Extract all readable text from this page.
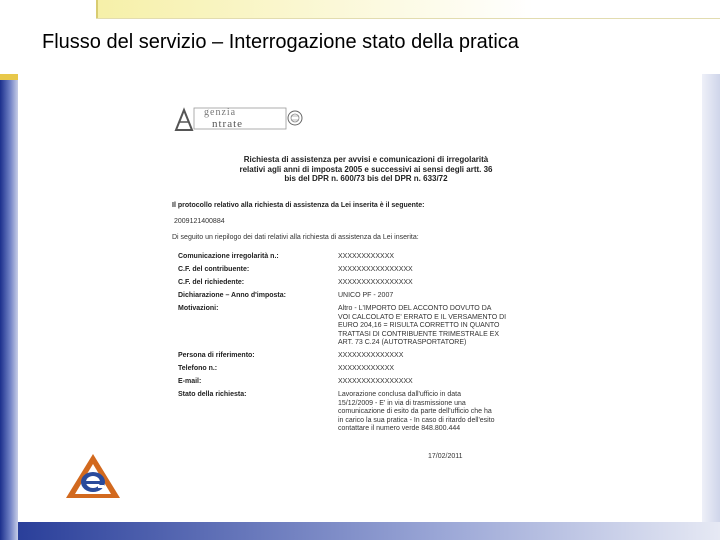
Flusso del servizio – Interrogazione stato della pratica
genzia
ntrate
Richiesta di assistenza per avvisi e comunicazioni di irregolarità
relativi agli anni di imposta 2005 e successivi ai sensi degli artt. 36
bis del DPR n. 600/73 bis del DPR n. 633/72
Il protocollo relativo alla richiesta di assistenza da Lei inserita è il seguente:
2009121400884
Di seguito un riepilogo dei dati relativi alla richiesta di assistenza da Lei inserita:
Comunicazione irregolarità n.:	XXXXXXXXXXXX
C.F. del contribuente:	XXXXXXXXXXXXXXXX
C.F. del richiedente:	XXXXXXXXXXXXXXXX
Dichiarazione – Anno d'imposta:	UNICO PF - 2007
Motivazioni:	Altro - L'IMPORTO DEL ACCONTO DOVUTO DA
VOI CALCOLATO E' ERRATO E IL VERSAMENTO DI
EURO 204,16 = RISULTA CORRETTO IN QUANTO
TRATTASI DI CONTRIBUENTE TRIMESTRALE EX
ART. 73 C.24 (AUTOTRASPORTATORE)
Persona di riferimento:	XXXXXXXXXXXXXX
Telefono n.:	XXXXXXXXXXXX
E-mail:	XXXXXXXXXXXXXXXX
Stato della richiesta:	Lavorazione conclusa dall'ufficio in data
15/12/2009 - E' in via di trasmissione una
comunicazione di esito da parte dell'ufficio che ha
in carico la sua pratica - In caso di ritardo dell'esito
contattare il numero verde 848.800.444
17/02/2011
